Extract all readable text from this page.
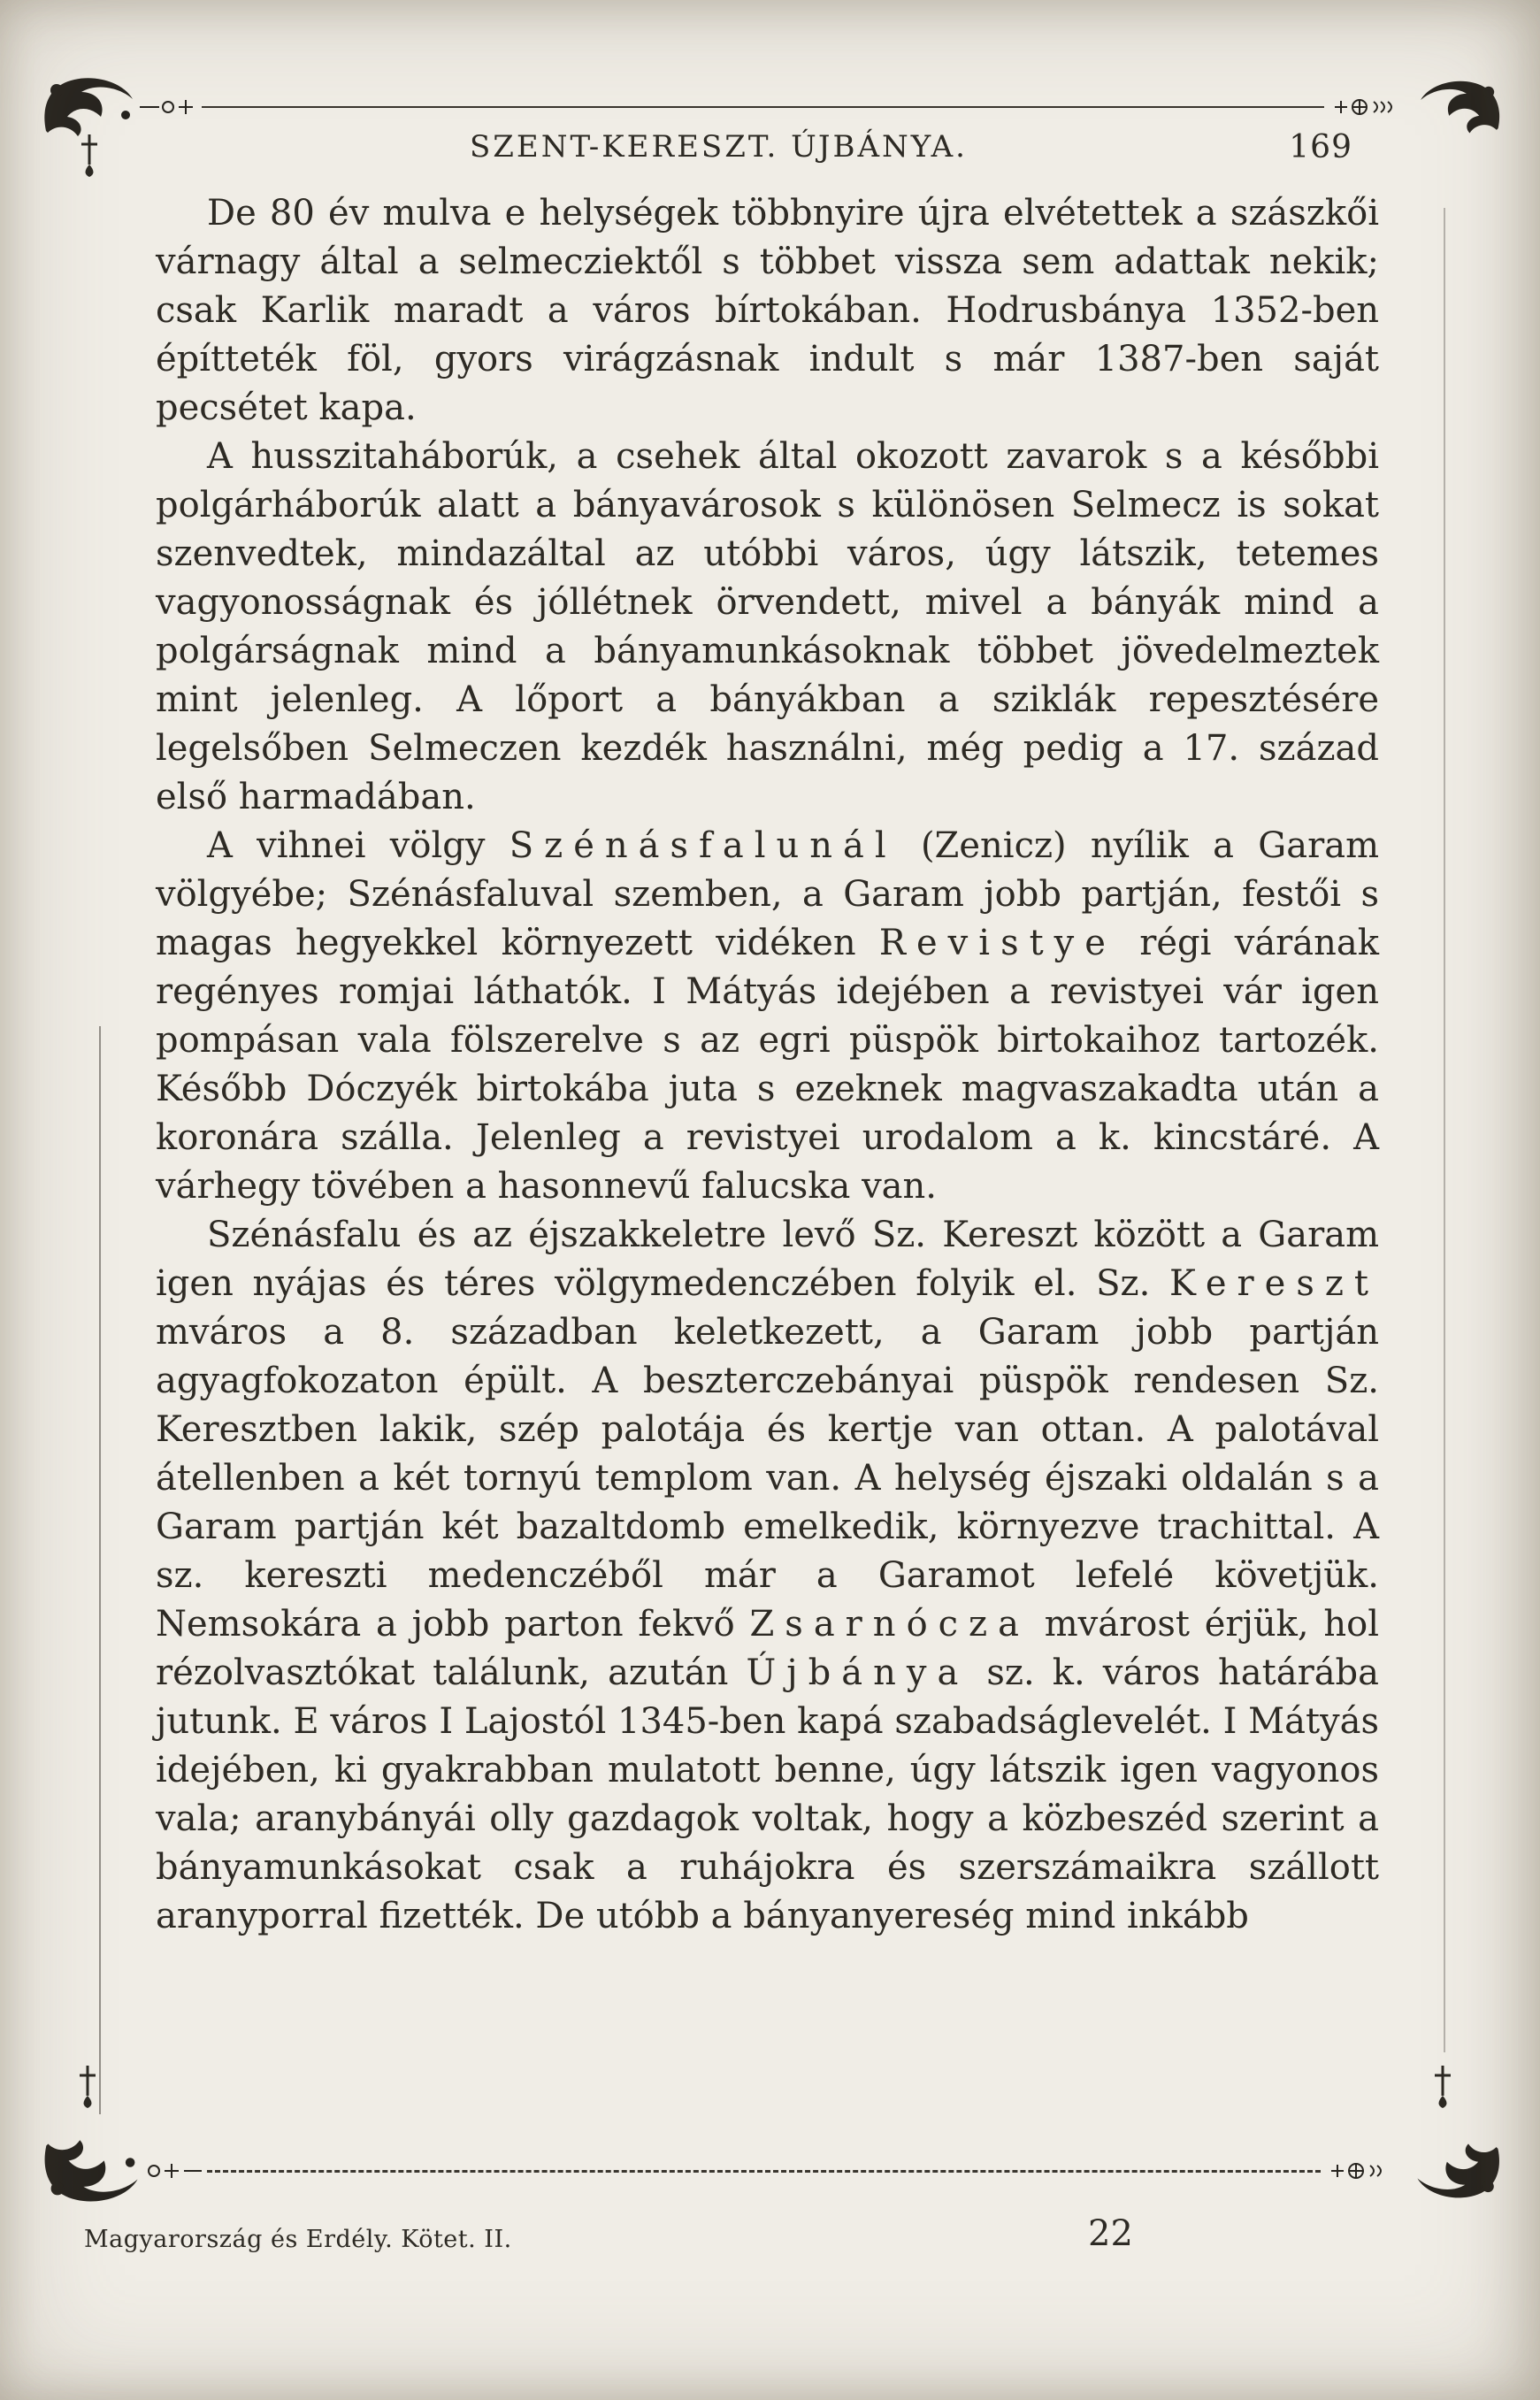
SZENT-KERESZT. ÚJBÁNYA.	169

De 80 év mulva e helységek többnyire újra elvétettek a szászkői várnagy által a selmecziektől s többet vissza sem adattak nekik; csak Karlik maradt a város bírtokában. Hodrusbánya 1352-ben építteték föl, gyors virágzásnak indult s már 1387-ben saját pecsétet kapa.

A husszitaháborúk, a csehek által okozott zavarok s a későbbi polgárháborúk alatt a bányavárosok s különösen Selmecz is sokat szenvedtek, mindazáltal az utóbbi város, úgy látszik, tetemes vagyonosságnak és jóllétnek örvendett, mivel a bányák mind a polgárságnak mind a bányamunkásoknak többet jövedelmeztek mint jelenleg. A lőport a bányákban a sziklák repesztésére legelsőben Selmeczen kezdék használni, még pedig a 17. század első harmadában.

A vihnei völgy Szénásfalunál (Zenicz) nyílik a Garam völgyébe; Szénásfaluval szemben, a Garam jobb partján, festői s magas hegyekkel környezett vidéken Revistye régi várának regényes romjai láthatók. I Mátyás idejében a revistyei vár igen pompásan vala fölszerelve s az egri püspök birtokaihoz tartozék. Később Dóczyék birtokába juta s ezeknek magvaszakadta után a koronára szálla. Jelenleg a revistyei urodalom a k. kincstáré. A várhegy tövében a hasonnevű falucska van.

Szénásfalu és az éjszakkeletre levő Sz. Kereszt között a Garam igen nyájas és téres völgymedenczében folyik el. Sz. Kereszt mváros a 8. században keletkezett, a Garam jobb partján agyagfokozaton épült. A beszterczebányai püspök rendesen Sz. Keresztben lakik, szép palotája és kertje van ottan. A palotával átellenben a két tornyú templom van. A helység éjszaki oldalán s a Garam partján két bazaltdomb emelkedik, környezve trachittal. A sz. kereszti medenczéből már a Garamot lefelé követjük. Nemsokára a jobb parton fekvő Zsarnócza mvárost érjük, hol rézolvasztókat találunk, azután Újbánya sz. k. város határába jutunk. E város I Lajostól 1345-ben kapá szabadságlevelét. I Mátyás idejében, ki gyakrabban mulatott benne, úgy látszik igen vagyonos vala; aranybányái olly gazdagok voltak, hogy a közbeszéd szerint a bányamunkásokat csak a ruhájokra és szerszámaikra szállott aranyporral fizették. De utóbb a bányanyereség mind inkább

Magyarország és Erdély. Kötet. II.	22
